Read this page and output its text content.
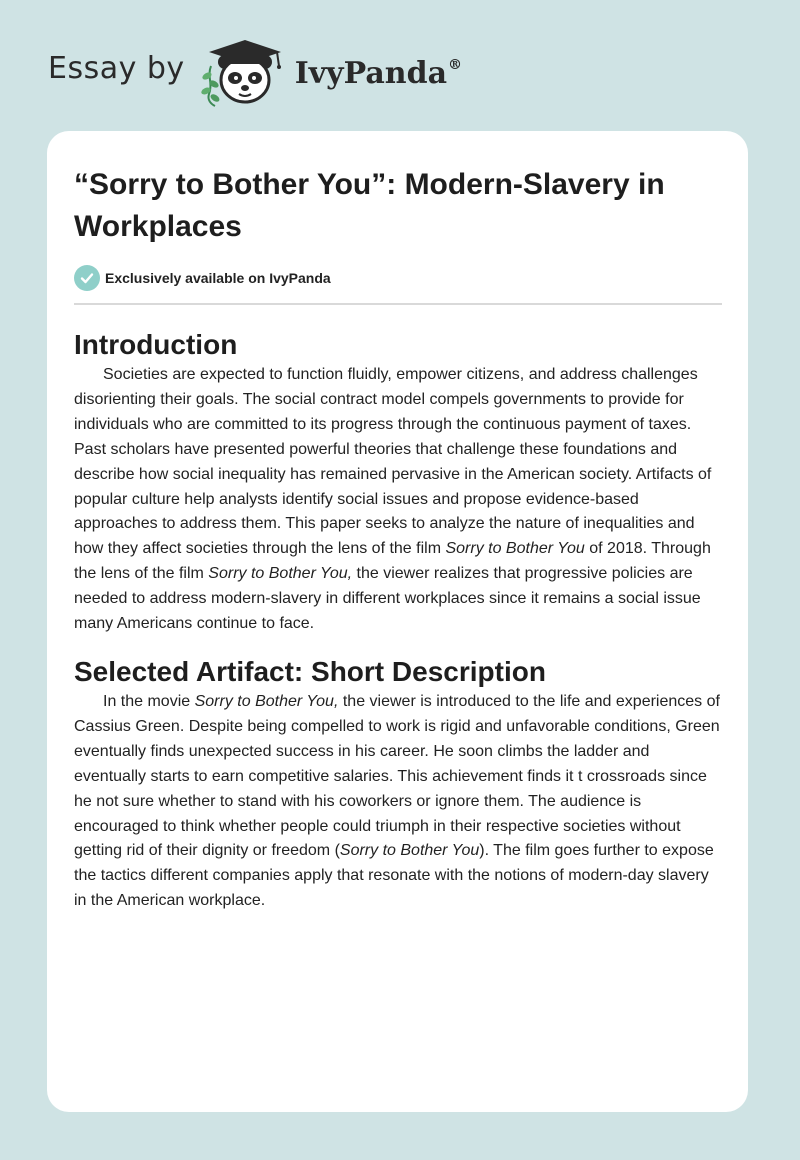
Essay by	IvyPanda®
“Sorry to Bother You”: Modern-Slavery in Workplaces
Exclusively available on IvyPanda
Introduction

Societies are expected to function fluidly, empower citizens, and address challenges disorienting their goals. The social contract model compels governments to provide for individuals who are committed to its progress through the continuous payment of taxes. Past scholars have presented powerful theories that challenge these foundations and describe how social inequality has remained pervasive in the American society. Artifacts of popular culture help analysts identify social issues and propose evidence-based approaches to address them. This paper seeks to analyze the nature of inequalities and how they affect societies through the lens of the film Sorry to Bother You of 2018. Through the lens of the film Sorry to Bother You, the viewer realizes that progressive policies are needed to address modern-slavery in different workplaces since it remains a social issue many Americans continue to face.

Selected Artifact: Short Description

In the movie Sorry to Bother You, the viewer is introduced to the life and experiences of Cassius Green. Despite being compelled to work is rigid and unfavorable conditions, Green eventually finds unexpected success in his career. He soon climbs the ladder and eventually starts to earn competitive salaries. This achievement finds it t crossroads since he not sure whether to stand with his coworkers or ignore them. The audience is encouraged to think whether people could triumph in their respective societies without getting rid of their dignity or freedom (Sorry to Bother You). The film goes further to expose the tactics different companies apply that resonate with the notions of modern-day slavery in the American workplace.
